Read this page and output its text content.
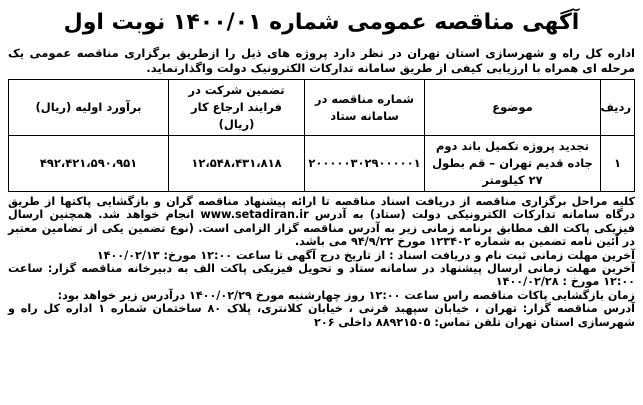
آگهی مناقصه عمومی شماره ۱۴۰۰/۰۱ نوبت اول

اداره کل راه و شهرسازی استان تهران در نظر دارد پروژه های ذیل را ازطریق برگزاری مناقصه عمومی یک مرحله ای همراه با ارزیابی کیفی از طریق سامانه تدارکات الکترونیک دولت واگذارنماید.

ردیف	موضوع	شماره مناقصه در سامانه ستاد	تضمین شرکت در فرایند ارجاع کار (ریال)	برآورد اولیه (ریال)
۱	تجدید پروژه تکمیل باند دوم جاده قدیم تهران – قم بطول ۲۷ کیلومتر	۲۰۰۰۰۰۳۰۲۹۰۰۰۰۰۱	۱۲،۵۴۸،۴۳۱،۸۱۸	۴۹۲،۴۲۱،۵۹۰،۹۵۱

کلیه مراحل برگزاری مناقصه از دریافت اسناد مناقصه تا ارائه پیشنهاد مناقصه گران و بازگشایی پاکتها از طریق درگاه سامانه تدارکات الکترونیکی دولت (ستاد) به آدرس www.setadiran.ir انجام خواهد شد. همچنین ارسال فیزیکی پاکت الف مطابق برنامه زمانی زیر به آدرس مناقصه گزار الزامی است. (نوع تضمین یکی از تضامین معتبر در آئین نامه تضمین به شماره ۱۲۳۴۰۲ مورخ ۹۴/۹/۲۲ می باشد.

آخرین مهلت زمانی ثبت نام و دریافت اسناد : از تاریخ درج آگهی تا ساعت ۱۲:۰۰ مورخ: ۱۴۰۰/۰۲/۱۳

آخرین مهلت زمانی ارسال پیشنهاد در سامانه ستاد و تحویل فیزیکی پاکت الف به دبیرخانه مناقصه گزار: ساعت ۱۲:۰۰ مورخ : ۱۴۰۰/۰۲/۲۸

زمان بازگشایی پاکات مناقصه راس ساعت ۱۲:۰۰ روز چهارشنبه مورخ ۱۴۰۰/۰۲/۲۹ درآدرس زیر خواهد بود:

آدرس مناقصه گزار: تهران ، خیابان سپهبد قرنی ، خیابان کلانتری، پلاک ۸۰ ساختمان شماره ۱ اداره کل راه و شهرسازی استان تهران تلفن تماس: ۸۸۹۲۱۵۰۵ داخلی ۲۰۶
